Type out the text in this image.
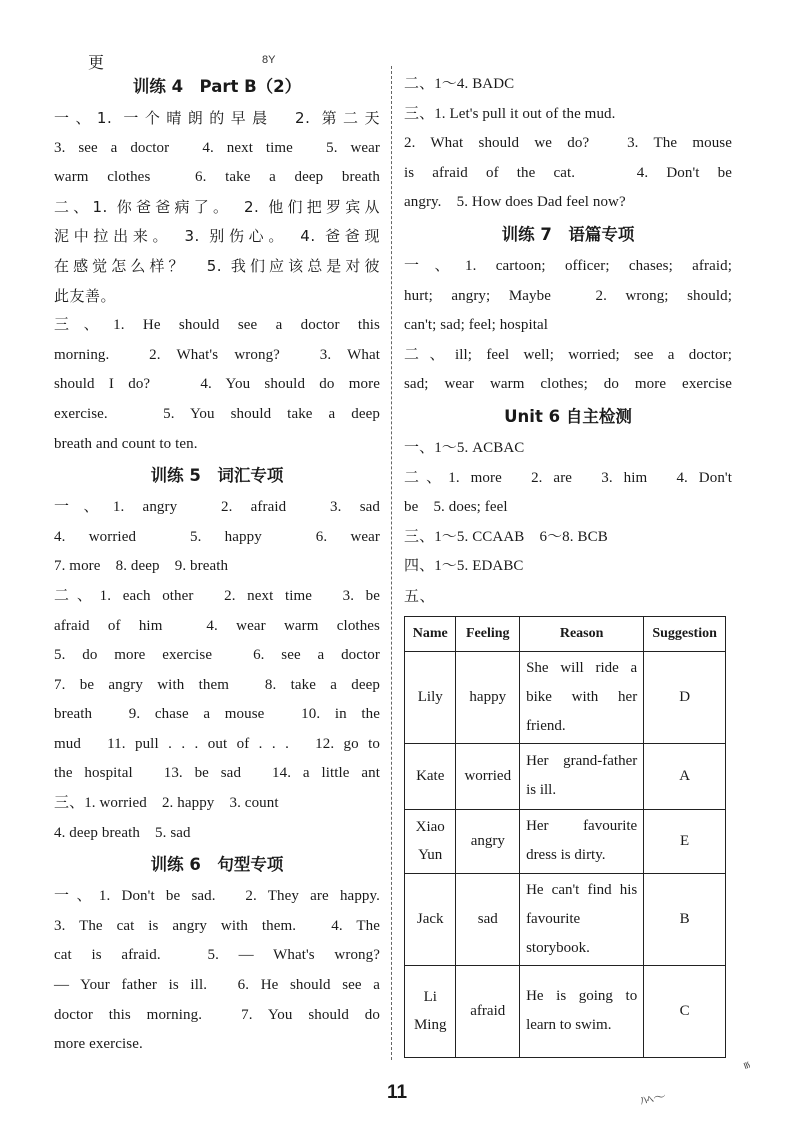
更	8Y
训练 4　Part B（2）
一、1. 一个晴朗的早晨　2. 第二天
3. see a doctor　4. next time　5. wear
warm clothes　6. take a deep breath
二、1. 你爸爸病了。　2. 他们把罗宾从
泥中拉出来。　3. 别伤心。　4. 爸爸现
在感觉怎么样？　5. 我们应该总是对彼
此友善。
三、1. He should see a doctor this
morning.　2. What's wrong?　3. What
should I do?　 4. You should do more
exercise.　 5. You should take a deep
breath and count to ten.
训练 5　词汇专项
一、1. angry　2. afraid　3. sad
4. worried　5. happy　6. wear
7. more　8. deep　9. breath
二、1. each other　2. next time　3. be
afraid of him　4. wear warm clothes
5. do more exercise　6. see a doctor
7. be angry with them　8. take a deep
breath　9. chase a mouse　10. in the
mud　11. pull . . . out of . . .　12. go to
the hospital　13. be sad　14. a little ant
三、1. worried　2. happy　3. count
4. deep breath　5. sad
训练 6　句型专项
一、1. Don't be sad.　2. They are happy.
3. The cat is angry with them.　4. The
cat is afraid.　5. — What's wrong?
— Your father is ill.　6. He should see a
doctor this morning.　7. You should do
more exercise.
二、1～4. BADC
三、1. Let's pull it out of the mud.
2. What should we do?　3. The mouse
is afraid of the cat.　 4. Don't be
angry.　5. How does Dad feel now?
训练 7　语篇专项
一、1. cartoon; officer; chases; afraid;
hurt; angry; Maybe　2. wrong; should;
can't; sad; feel; hospital
二、ill; feel well; worried; see a doctor;
sad; wear warm clothes; do more exercise
Unit 6 自主检测
一、1～5. ACBAC
二、1. more　2. are　3. him　4. Don't
be　5. does; feel
三、1～5. CCAAB　6～8. BCB
四、1～5. EDABC
五、
Name	Feeling	Reason	Suggestion
Lily	happy	She will ride a bike with her friend.	D
Kate	worried	Her grand-father is ill.	A
Xiao Yun	angry	Her favourite dress is dirty.	E
Jack	sad	He can't find his favourite storybook.	B
Li Ming	afraid	He is going to learn to swim.	C
11	ﾊﾍ～
≌
